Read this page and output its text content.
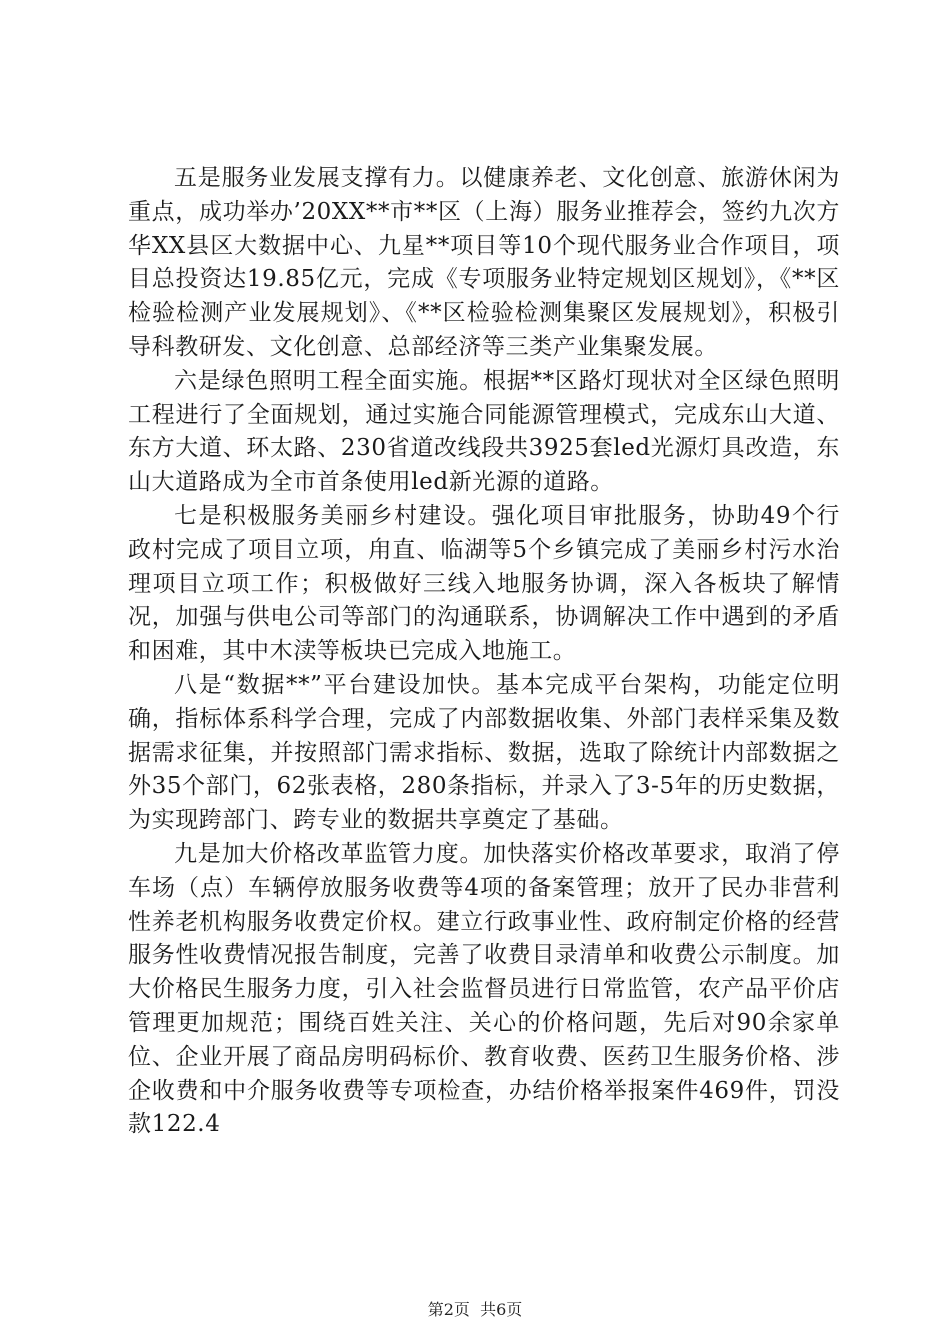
五是服务业发展支撑有力。以健康养老、文化创意、旅游休闲为重点，成功举办’20XX**市**区（上海）服务业推荐会，签约九次方华XX县区大数据中心、九星**项目等10个现代服务业合作项目，项目总投资达19.85亿元，完成《专项服务业特定规划区规划》，《**区检验检测产业发展规划》、《**区检验检测集聚区发展规划》，积极引导科教研发、文化创意、总部经济等三类产业集聚发展。

六是绿色照明工程全面实施。根据**区路灯现状对全区绿色照明工程进行了全面规划，通过实施合同能源管理模式，完成东山大道、东方大道、环太路、230省道改线段共3925套led光源灯具改造，东山大道路成为全市首条使用led新光源的道路。

七是积极服务美丽乡村建设。强化项目审批服务，协助49个行政村完成了项目立项，甪直、临湖等5个乡镇完成了美丽乡村污水治理项目立项工作；积极做好三线入地服务协调，深入各板块了解情况，加强与供电公司等部门的沟通联系，协调解决工作中遇到的矛盾和困难，其中木渎等板块已完成入地施工。

八是“数据**”平台建设加快。基本完成平台架构，功能定位明确，指标体系科学合理，完成了内部数据收集、外部门表样采集及数据需求征集，并按照部门需求指标、数据，选取了除统计内部数据之外35个部门，62张表格，280条指标，并录入了3-5年的历史数据，为实现跨部门、跨专业的数据共享奠定了基础。

九是加大价格改革监管力度。加快落实价格改革要求，取消了停车场（点）车辆停放服务收费等4项的备案管理；放开了民办非营利性养老机构服务收费定价权。建立行政事业性、政府制定价格的经营服务性收费情况报告制度，完善了收费目录清单和收费公示制度。加大价格民生服务力度，引入社会监督员进行日常监管，农产品平价店管理更加规范；围绕百姓关注、关心的价格问题，先后对90余家单位、企业开展了商品房明码标价、教育收费、医药卫生服务价格、涉企收费和中介服务收费等专项检查，办结价格举报案件469件，罚没款122.4

第2页 共6页
